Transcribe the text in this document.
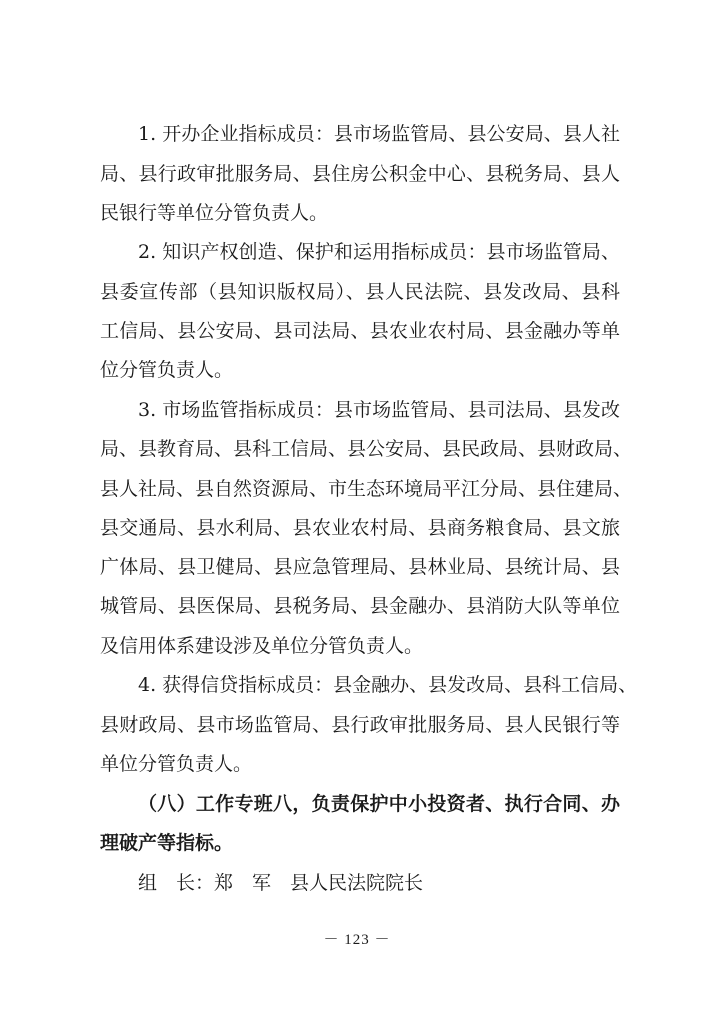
1. 开办企业指标成员：县市场监管局、县公安局、县人社
局、县行政审批服务局、县住房公积金中心、县税务局、县人
民银行等单位分管负责人。
2. 知识产权创造、保护和运用指标成员：县市场监管局、
县委宣传部（县知识版权局）、县人民法院、县发改局、县科
工信局、县公安局、县司法局、县农业农村局、县金融办等单
位分管负责人。
3. 市场监管指标成员：县市场监管局、县司法局、县发改
局、县教育局、县科工信局、县公安局、县民政局、县财政局、
县人社局、县自然资源局、市生态环境局平江分局、县住建局、
县交通局、县水利局、县农业农村局、县商务粮食局、县文旅
广体局、县卫健局、县应急管理局、县林业局、县统计局、县
城管局、县医保局、县税务局、县金融办、县消防大队等单位
及信用体系建设涉及单位分管负责人。
4. 获得信贷指标成员：县金融办、县发改局、县科工信局、
县财政局、县市场监管局、县行政审批服务局、县人民银行等
单位分管负责人。
（八）工作专班八，负责保护中小投资者、执行合同、办
理破产等指标。
组　长：郑　军　县人民法院院长
－ 123 －
